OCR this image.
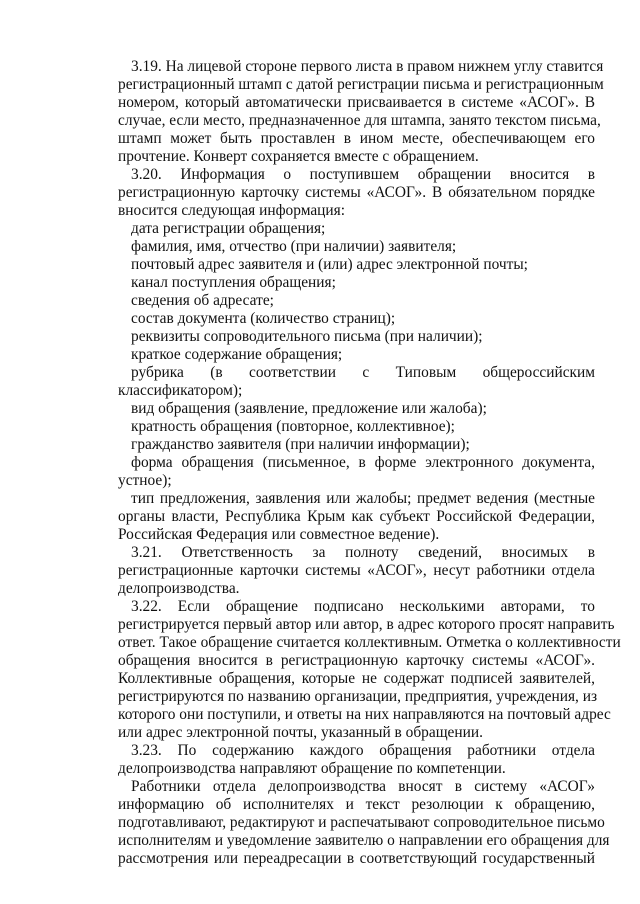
3.19. На лицевой стороне первого листа в правом нижнем углу ставится
регистрационный штамп с датой регистрации письма и регистрационным
номером, который автоматически присваивается в системе «АСОГ». В
случае, если место, предназначенное для штампа, занято текстом письма,
штамп может быть проставлен в ином месте, обеспечивающем его
прочтение. Конверт сохраняется вместе с обращением.
3.20. Информация о поступившем обращении вносится в
регистрационную карточку системы «АСОГ». В обязательном порядке
вносится следующая информация:
дата регистрации обращения;
фамилия, имя, отчество (при наличии) заявителя;
почтовый адрес заявителя и (или) адрес электронной почты;
канал поступления обращения;
сведения об адресате;
состав документа (количество страниц);
реквизиты сопроводительного письма (при наличии);
краткое содержание обращения;
рубрика (в соответствии с Типовым общероссийским
классификатором);
вид обращения (заявление, предложение или жалоба);
кратность обращения (повторное, коллективное);
гражданство заявителя (при наличии информации);
форма обращения (письменное, в форме электронного документа,
устное);
тип предложения, заявления или жалобы; предмет ведения (местные
органы власти, Республика Крым как субъект Российской Федерации,
Российская Федерация или совместное ведение).
3.21. Ответственность за полноту сведений, вносимых в
регистрационные карточки системы «АСОГ», несут работники отдела
делопроизводства.
3.22. Если обращение подписано несколькими авторами, то
регистрируется первый автор или автор, в адрес которого просят направить
ответ. Такое обращение считается коллективным. Отметка о коллективности
обращения вносится в регистрационную карточку системы «АСОГ».
Коллективные обращения, которые не содержат подписей заявителей,
регистрируются по названию организации, предприятия, учреждения, из
которого они поступили, и ответы на них направляются на почтовый адрес
или адрес электронной почты, указанный в обращении.
3.23. По содержанию каждого обращения работники отдела
делопроизводства направляют обращение по компетенции.
Работники отдела делопроизводства вносят в систему «АСОГ»
информацию об исполнителях и текст резолюции к обращению,
подготавливают, редактируют и распечатывают сопроводительное письмо
исполнителям и уведомление заявителю о направлении его обращения для
рассмотрения или переадресации в соответствующий государственный
